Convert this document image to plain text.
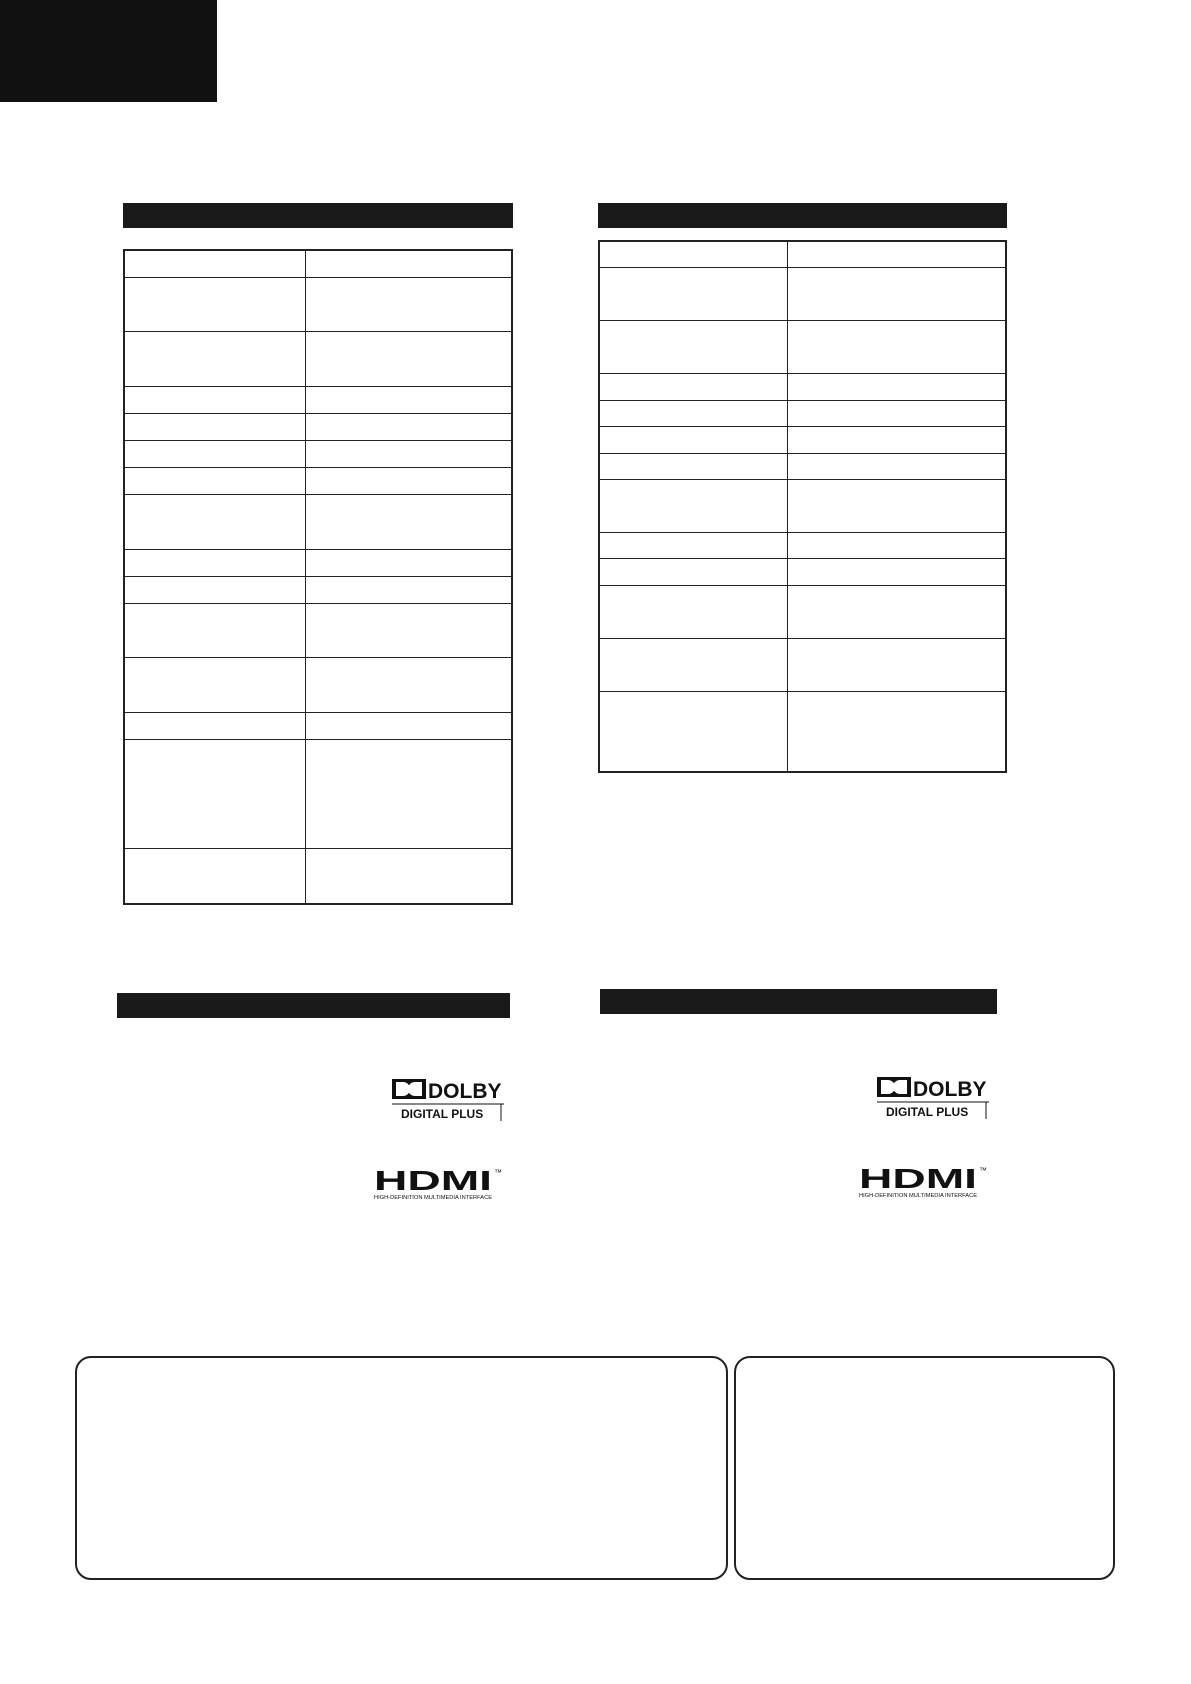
DOLBY
DIGITAL PLUS
HDMI ™
HIGH-DEFINITION MULTIMEDIA INTERFACE
DOLBY
DIGITAL PLUS
HDMI ™
HIGH-DEFINITION MULTIMEDIA INTERFACE
